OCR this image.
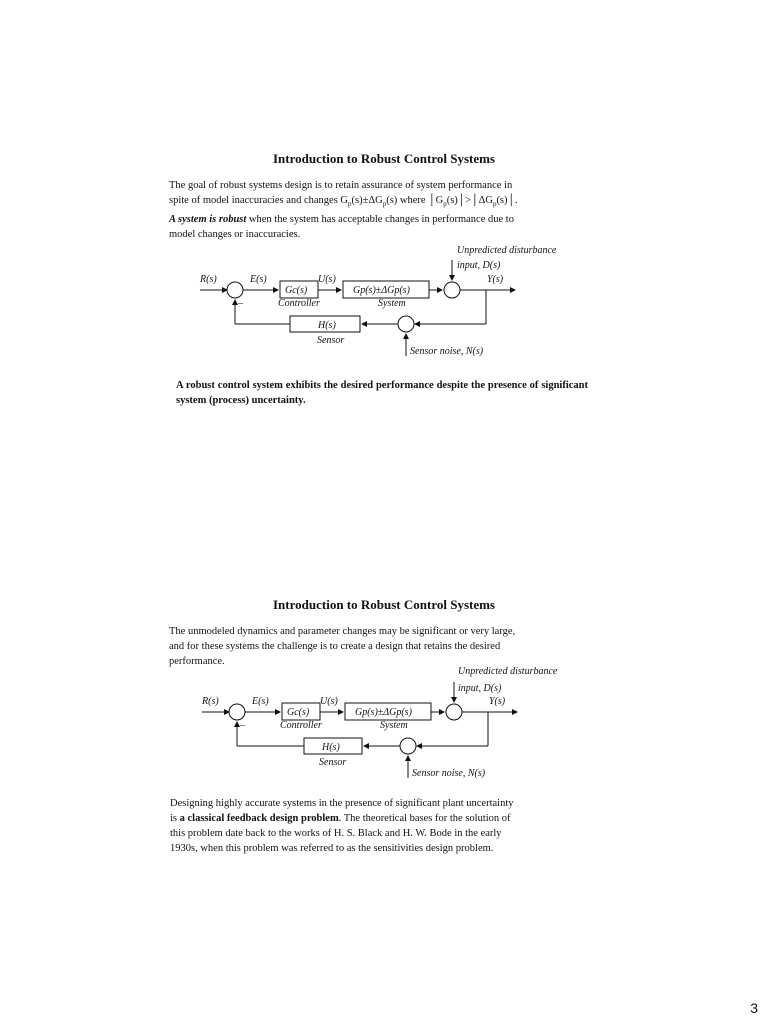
Introduction to Robust Control Systems
The goal of robust systems design is to retain assurance of system performance in
spite of model inaccuracies and changes $G_p(s)\pm\Delta G_p(s)$ where $│G_p(s)│>│\Delta G_p(s)│$.
A system is robust when the system has acceptable changes in performance due to
model changes or inaccuracies.
Unpredicted disturbance
input, D(s)
R(s)	E(s)	U(s)	Y(s)
–
Gc(s)
Controller
Gp(s)±ΔGp(s)
System
H(s)
Sensor
Sensor noise, N(s)
A robust control system exhibits the desired performance despite the presence of significant system (process) uncertainty.
Introduction to Robust Control Systems
The unmodeled dynamics and parameter changes may be significant or very large,
and for these systems the challenge is to create a design that retains the desired
performance.
Unpredicted disturbance
input, D(s)
R(s)	E(s)	U(s)	Y(s)
–
Gc(s)
Controller
Gp(s)±ΔGp(s)
System
H(s)
Sensor
Sensor noise, N(s)
Designing highly accurate systems in the presence of significant plant uncertainty
is a classical feedback design problem. The theoretical bases for the solution of
this problem date back to the works of H. S. Black and H. W. Bode in the early
1930s, when this problem was referred to as the sensitivities design problem.
3
